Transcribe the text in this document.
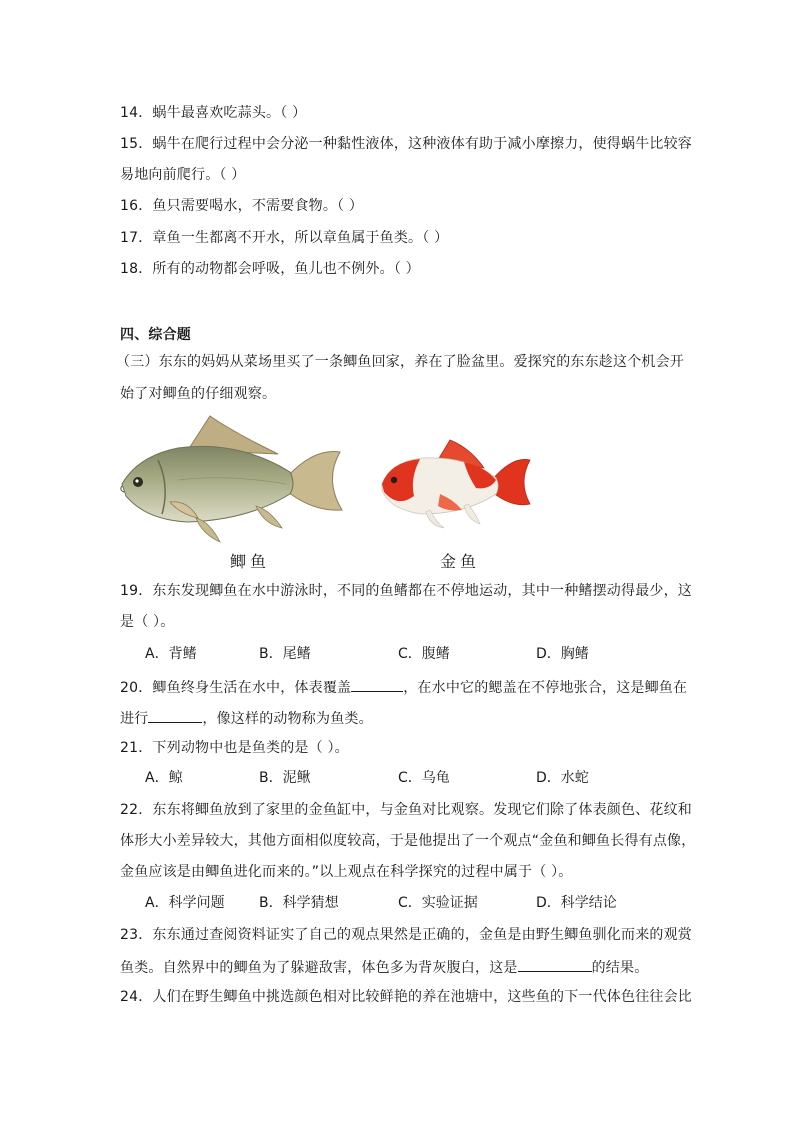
14．蜗牛最喜欢吃蒜头。（ ）
15．蜗牛在爬行过程中会分泌一种黏性液体，这种液体有助于减小摩擦力，使得蜗牛比较容
易地向前爬行。（ ）
16．鱼只需要喝水，不需要食物。（ ）
17．章鱼一生都离不开水，所以章鱼属于鱼类。（ ）
18．所有的动物都会呼吸，鱼儿也不例外。（ ）
四、综合题
（三）东东的妈妈从菜场里买了一条鲫鱼回家，养在了脸盆里。爱探究的东东趁这个机会开
始了对鲫鱼的仔细观察。
鲫鱼	金鱼
19．东东发现鲫鱼在水中游泳时，不同的鱼鳍都在不停地运动，其中一种鳍摆动得最少，这
是（ ）。
A．背鳍	B．尾鳍	C．腹鳍	D．胸鳍
20．鲫鱼终身生活在水中，体表覆盖	，在水中它的鳃盖在不停地张合，这是鲫鱼在
进行	，像这样的动物称为鱼类。
21．下列动物中也是鱼类的是（ ）。
A．鲸	B．泥鳅	C．乌龟	D．水蛇
22．东东将鲫鱼放到了家里的金鱼缸中，与金鱼对比观察。发现它们除了体表颜色、花纹和
体形大小差异较大，其他方面相似度较高，于是他提出了一个观点“金鱼和鲫鱼长得有点像，
金鱼应该是由鲫鱼进化而来的。”以上观点在科学探究的过程中属于（ ）。
A．科学问题 B．科学猜想	C．实验证据	D．科学结论
23．东东通过查阅资料证实了自己的观点果然是正确的，金鱼是由野生鲫鱼驯化而来的观赏
鱼类。自然界中的鲫鱼为了躲避敌害，体色多为背灰腹白，这是	的结果。
24．人们在野生鲫鱼中挑选颜色相对比较鲜艳的养在池塘中，这些鱼的下一代体色往往会比
